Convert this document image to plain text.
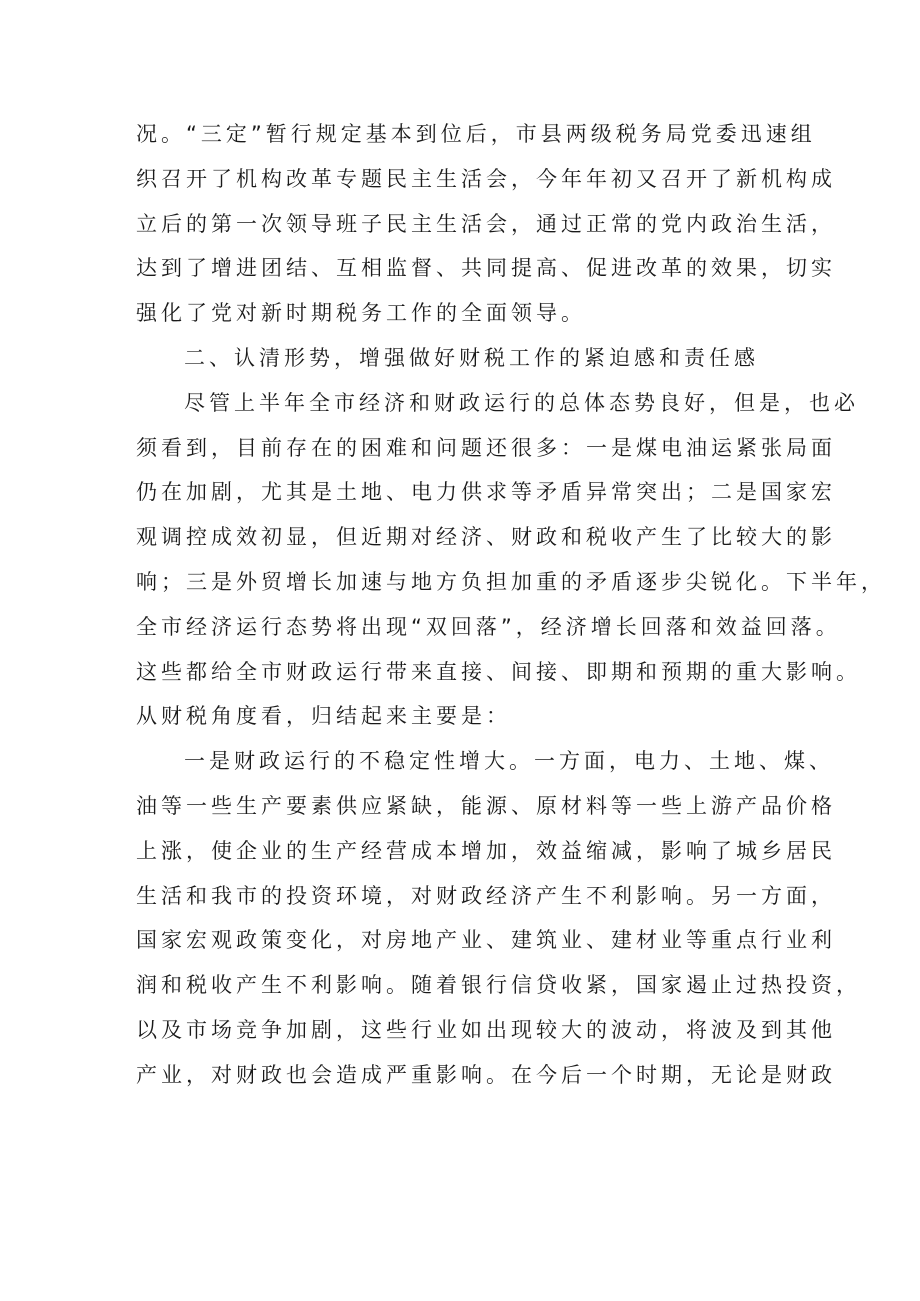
况。“三定”暂行规定基本到位后，市县两级税务局党委迅速组
织召开了机构改革专题民主生活会，今年年初又召开了新机构成
立后的第一次领导班子民主生活会，通过正常的党内政治生活，
达到了增进团结、互相监督、共同提高、促进改革的效果，切实
强化了党对新时期税务工作的全面领导。
二、认清形势，增强做好财税工作的紧迫感和责任感
尽管上半年全市经济和财政运行的总体态势良好，但是，也必
须看到，目前存在的困难和问题还很多：一是煤电油运紧张局面
仍在加剧，尤其是土地、电力供求等矛盾异常突出；二是国家宏
观调控成效初显，但近期对经济、财政和税收产生了比较大的影
响；三是外贸增长加速与地方负担加重的矛盾逐步尖锐化。下半年，
全市经济运行态势将出现“双回落”，经济增长回落和效益回落。
这些都给全市财政运行带来直接、间接、即期和预期的重大影响。
从财税角度看，归结起来主要是：
一是财政运行的不稳定性增大。一方面，电力、土地、煤、
油等一些生产要素供应紧缺，能源、原材料等一些上游产品价格
上涨，使企业的生产经营成本增加，效益缩减，影响了城乡居民
生活和我市的投资环境，对财政经济产生不利影响。另一方面，
国家宏观政策变化，对房地产业、建筑业、建材业等重点行业利
润和税收产生不利影响。随着银行信贷收紧，国家遏止过热投资，
以及市场竞争加剧，这些行业如出现较大的波动，将波及到其他
产业，对财政也会造成严重影响。在今后一个时期，无论是财政
